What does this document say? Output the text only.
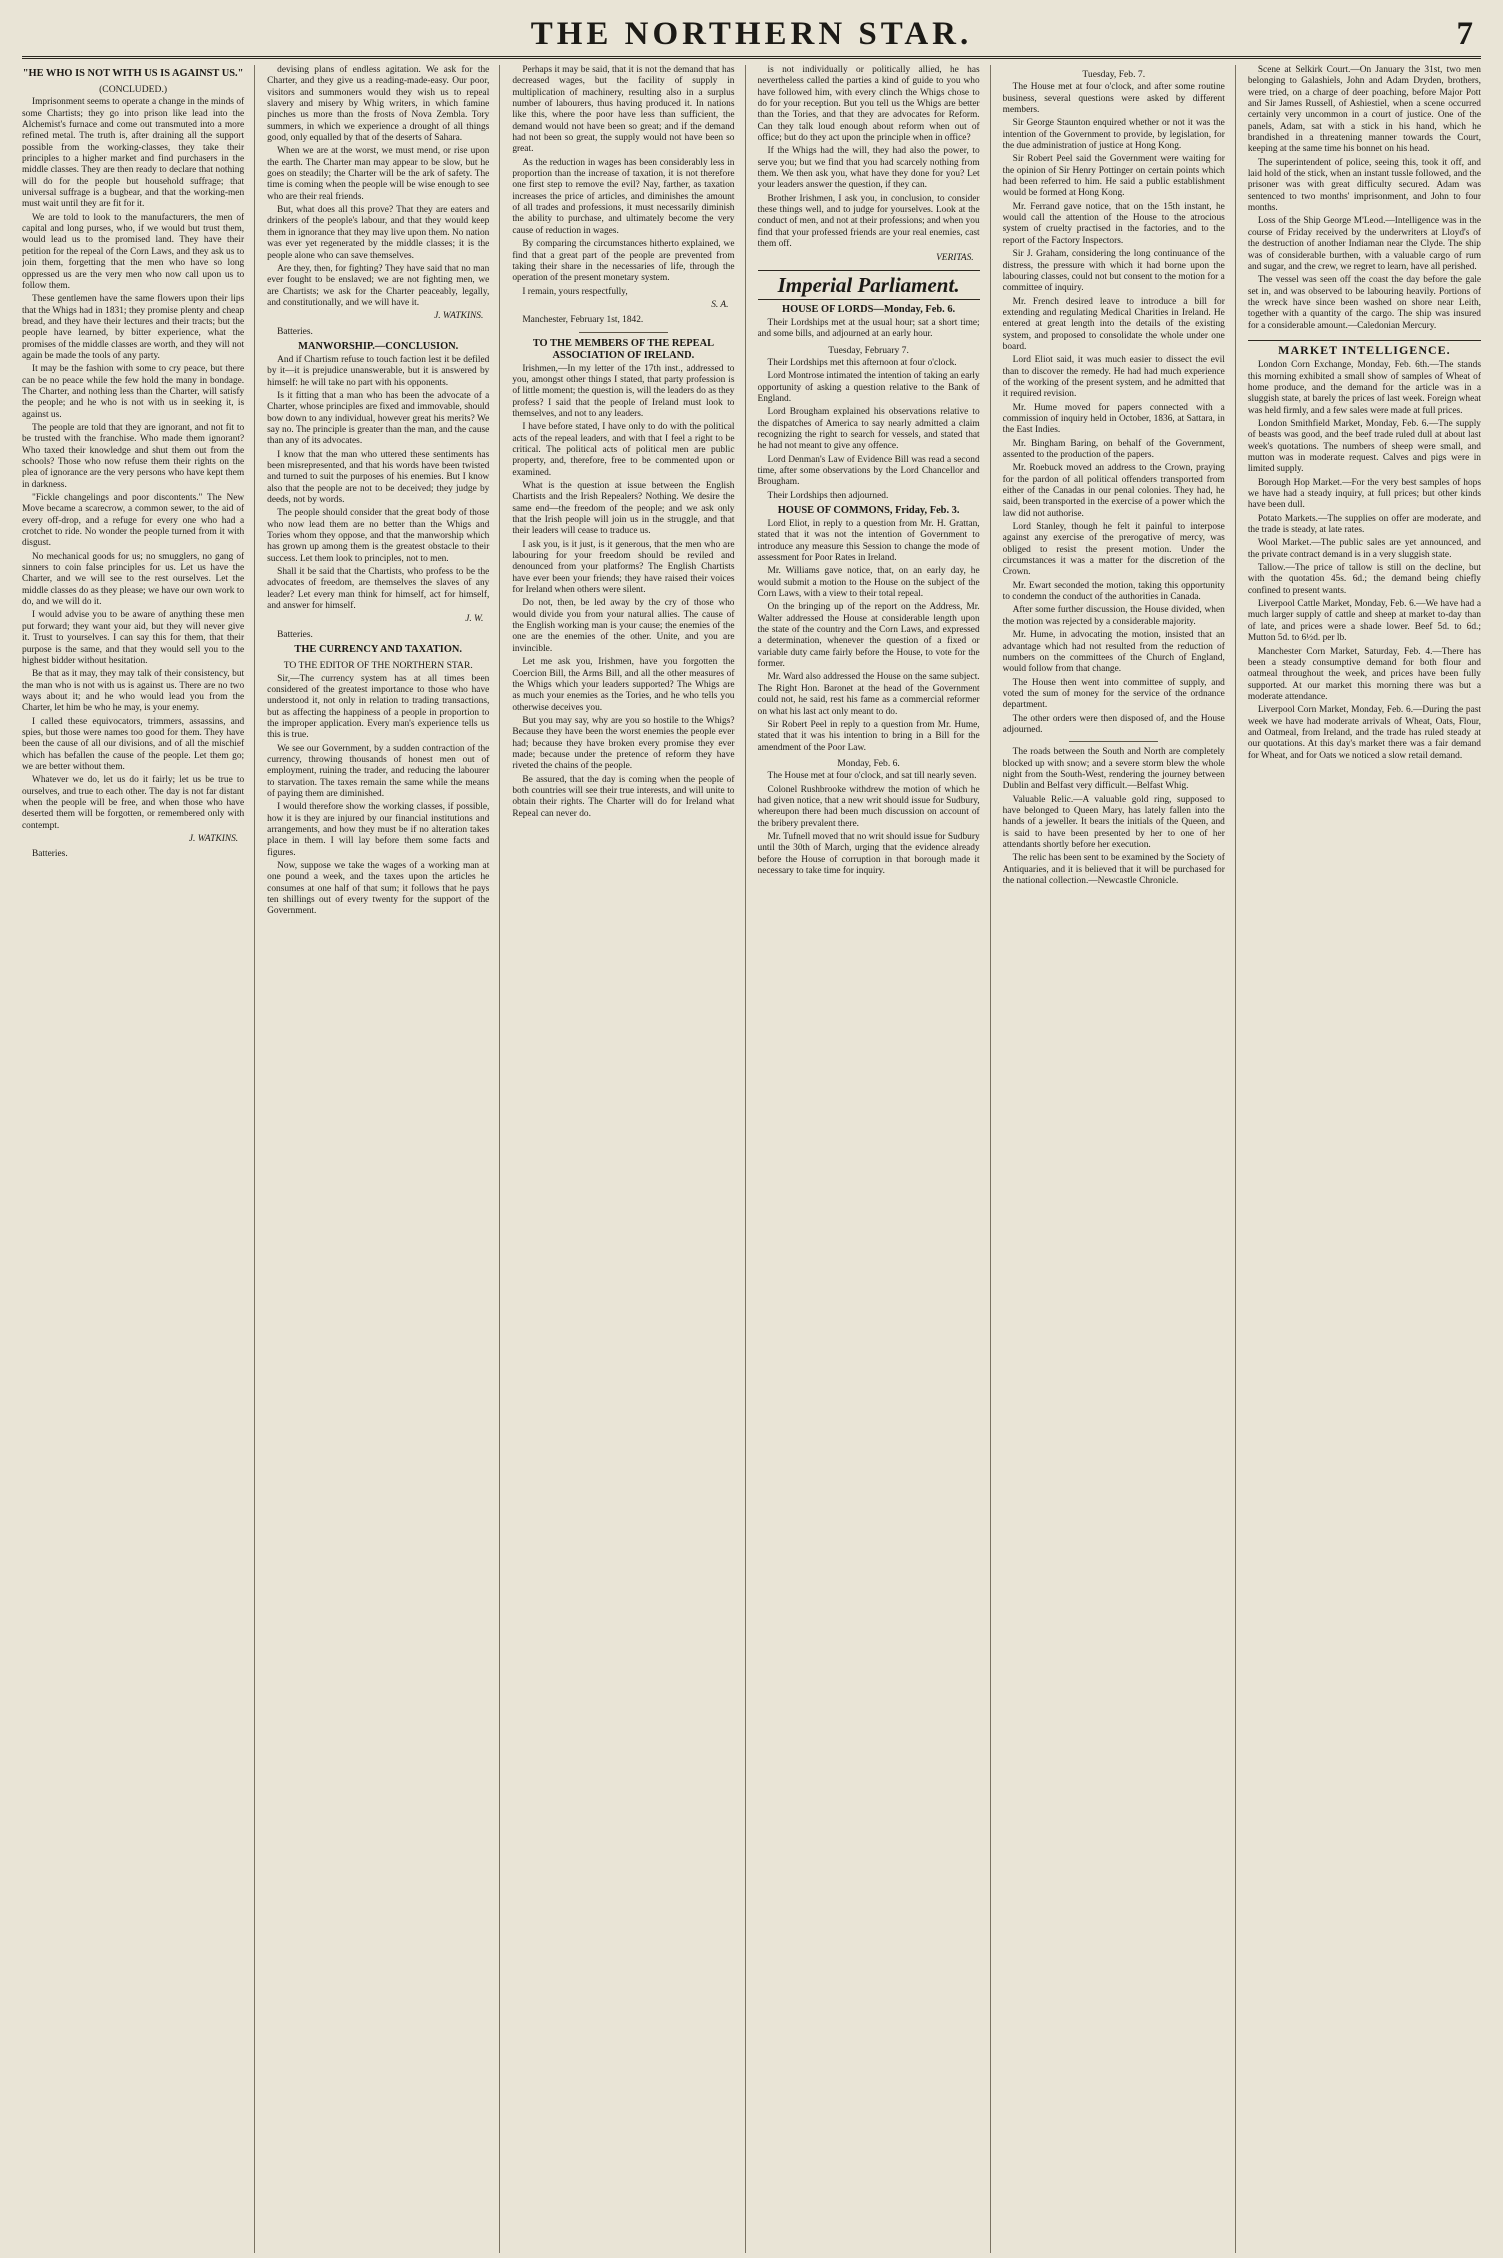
THE NORTHERN STAR.	7
"HE WHO IS NOT WITH US IS AGAINST US."
(CONCLUDED.)

Imprisonment seems to operate a change in the minds of some Chartists; they go into prison like lead into the Alchemist's furnace and come out transmuted into a more refined metal. The truth is, after draining all the support possible from the working-classes, they take their principles to a higher market and find purchasers in the middle classes. They are then ready to declare that nothing will do for the people but household suffrage; that universal suffrage is a bugbear, and that the working-men must wait until they are fit for it.

We are told to look to the manufacturers, the men of capital and long purses, who, if we would but trust them, would lead us to the promised land. They have their petition for the repeal of the Corn Laws, and they ask us to join them, forgetting that the men who have so long oppressed us are the very men who now call upon us to follow them.

These gentlemen have the same flowers upon their lips that the Whigs had in 1831; they promise plenty and cheap bread, and they have their lectures and their tracts; but the people have learned, by bitter experience, what the promises of the middle classes are worth, and they will not again be made the tools of any party.

It may be the fashion with some to cry peace, but there can be no peace while the few hold the many in bondage. The Charter, and nothing less than the Charter, will satisfy the people; and he who is not with us in seeking it, is against us.

The people are told that they are ignorant, and not fit to be trusted with the franchise. Who made them ignorant? Who taxed their knowledge and shut them out from the schools? Those who now refuse them their rights on the plea of ignorance are the very persons who have kept them in darkness.

"Fickle changelings and poor discontents." The New Move became a scarecrow, a common sewer, to the aid of every off-drop, and a refuge for every one who had a crotchet to ride. No wonder the people turned from it with disgust.

No mechanical goods for us; no smugglers, no gang of sinners to coin false principles for us. Let us have the Charter, and we will see to the rest ourselves. Let the middle classes do as they please; we have our own work to do, and we will do it.

I would advise you to be aware of anything these men put forward; they want your aid, but they will never give it. Trust to yourselves. I can say this for them, that their purpose is the same, and that they would sell you to the highest bidder without hesitation.

Be that as it may, they may talk of their consistency, but the man who is not with us is against us. There are no two ways about it; and he who would lead you from the Charter, let him be who he may, is your enemy.

I called these equivocators, trimmers, assassins, and spies, but those were names too good for them. They have been the cause of all our divisions, and of all the mischief which has befallen the cause of the people. Let them go; we are better without them.

Whatever we do, let us do it fairly; let us be true to ourselves, and true to each other. The day is not far distant when the people will be free, and when those who have deserted them will be forgotten, or remembered only with contempt.

J. WATKINS.

Batteries.

devising plans of endless agitation. We ask for the Charter, and they give us a reading-made-easy. Our poor, visitors and summoners would they wish us to repeal slavery and misery by Whig writers, in which famine pinches us more than the frosts of Nova Zembla. Tory summers, in which we experience a drought of all things good, only equalled by that of the deserts of Sahara.

When we are at the worst, we must mend, or rise upon the earth. The Charter man may appear to be slow, but he goes on steadily; the Charter will be the ark of safety. The time is coming when the people will be wise enough to see who are their real friends.

But, what does all this prove? That they are eaters and drinkers of the people's labour, and that they would keep them in ignorance that they may live upon them. No nation was ever yet regenerated by the middle classes; it is the people alone who can save themselves.

Are they, then, for fighting? They have said that no man ever fought to be enslaved; we are not fighting men, we are Chartists; we ask for the Charter peaceably, legally, and constitutionally, and we will have it.

J. WATKINS.

Batteries.

MANWORSHIP.—CONCLUSION.

And if Chartism refuse to touch faction lest it be defiled by it—it is prejudice unanswerable, but it is answered by himself: he will take no part with his opponents.

Is it fitting that a man who has been the advocate of a Charter, whose principles are fixed and immovable, should bow down to any individual, however great his merits? We say no. The principle is greater than the man, and the cause than any of its advocates.

I know that the man who uttered these sentiments has been misrepresented, and that his words have been twisted and turned to suit the purposes of his enemies. But I know also that the people are not to be deceived; they judge by deeds, not by words.

The people should consider that the great body of those who now lead them are no better than the Whigs and Tories whom they oppose, and that the manworship which has grown up among them is the greatest obstacle to their success. Let them look to principles, not to men.

Shall it be said that the Chartists, who profess to be the advocates of freedom, are themselves the slaves of any leader? Let every man think for himself, act for himself, and answer for himself.

J. W.

Batteries.

THE CURRENCY AND TAXATION.
TO THE EDITOR OF THE NORTHERN STAR.

Sir,—The currency system has at all times been considered of the greatest importance to those who have understood it, not only in relation to trading transactions, but as affecting the happiness of a people in proportion to the improper application. Every man's experience tells us this is true.

We see our Government, by a sudden contraction of the currency, throwing thousands of honest men out of employment, ruining the trader, and reducing the labourer to starvation. The taxes remain the same while the means of paying them are diminished.

I would therefore show the working classes, if possible, how it is they are injured by our financial institutions and arrangements, and how they must be if no alteration takes place in them. I will lay before them some facts and figures.

Now, suppose we take the wages of a working man at one pound a week, and the taxes upon the articles he consumes at one half of that sum; it follows that he pays ten shillings out of every twenty for the support of the Government.

Perhaps it may be said, that it is not the demand that has decreased wages, but the facility of supply in multiplication of machinery, resulting also in a surplus number of labourers, thus having produced it. In nations like this, where the poor have less than sufficient, the demand would not have been so great; and if the demand had not been so great, the supply would not have been so great.

As the reduction in wages has been considerably less in proportion than the increase of taxation, it is not therefore one first step to remove the evil? Nay, farther, as taxation increases the price of articles, and diminishes the amount of all trades and professions, it must necessarily diminish the ability to purchase, and ultimately become the very cause of reduction in wages.

By comparing the circumstances hitherto explained, we find that a great part of the people are prevented from taking their share in the necessaries of life, through the operation of the present monetary system.

I remain, yours respectfully,

S. A.

Manchester, February 1st, 1842.

TO THE MEMBERS OF THE REPEAL ASSOCIATION OF IRELAND.

Irishmen,—In my letter of the 17th inst., addressed to you, amongst other things I stated, that party profession is of little moment; the question is, will the leaders do as they profess? I said that the people of Ireland must look to themselves, and not to any leaders.

I have before stated, I have only to do with the political acts of the repeal leaders, and with that I feel a right to be critical. The political acts of political men are public property, and, therefore, free to be commented upon or examined.

What is the question at issue between the English Chartists and the Irish Repealers? Nothing. We desire the same end—the freedom of the people; and we ask only that the Irish people will join us in the struggle, and that their leaders will cease to traduce us.

I ask you, is it just, is it generous, that the men who are labouring for your freedom should be reviled and denounced from your platforms? The English Chartists have ever been your friends; they have raised their voices for Ireland when others were silent.

Do not, then, be led away by the cry of those who would divide you from your natural allies. The cause of the English working man is your cause; the enemies of the one are the enemies of the other. Unite, and you are invincible.

Let me ask you, Irishmen, have you forgotten the Coercion Bill, the Arms Bill, and all the other measures of the Whigs which your leaders supported? The Whigs are as much your enemies as the Tories, and he who tells you otherwise deceives you.

But you may say, why are you so hostile to the Whigs? Because they have been the worst enemies the people ever had; because they have broken every promise they ever made; because under the pretence of reform they have riveted the chains of the people.

Be assured, that the day is coming when the people of both countries will see their true interests, and will unite to obtain their rights. The Charter will do for Ireland what Repeal can never do.

is not individually or politically allied, he has nevertheless called the parties a kind of guide to you who have followed him, with every clinch the Whigs chose to do for your reception. But you tell us the Whigs are better than the Tories, and that they are advocates for Reform. Can they talk loud enough about reform when out of office; but do they act upon the principle when in office?

If the Whigs had the will, they had also the power, to serve you; but we find that you had scarcely nothing from them. We then ask you, what have they done for you? Let your leaders answer the question, if they can.

Brother Irishmen, I ask you, in conclusion, to consider these things well, and to judge for yourselves. Look at the conduct of men, and not at their professions; and when you find that your professed friends are your real enemies, cast them off.

VERITAS.
Imperial Parliament.
HOUSE OF LORDS—Monday, Feb. 6.

Their Lordships met at the usual hour; sat a short time; and some bills, and adjourned at an early hour.

Tuesday, February 7.

Their Lordships met this afternoon at four o'clock.

Lord Montrose intimated the intention of taking an early opportunity of asking a question relative to the Bank of England.

Lord Brougham explained his observations relative to the dispatches of America to say nearly admitted a claim recognizing the right to search for vessels, and stated that he had not meant to give any offence.

Lord Denman's Law of Evidence Bill was read a second time, after some observations by the Lord Chancellor and Brougham.

Their Lordships then adjourned.

HOUSE OF COMMONS, Friday, Feb. 3.

Lord Eliot, in reply to a question from Mr. H. Grattan, stated that it was not the intention of Government to introduce any measure this Session to change the mode of assessment for Poor Rates in Ireland.

Mr. Williams gave notice, that, on an early day, he would submit a motion to the House on the subject of the Corn Laws, with a view to their total repeal.

On the bringing up of the report on the Address, Mr. Walter addressed the House at considerable length upon the state of the country and the Corn Laws, and expressed a determination, whenever the question of a fixed or variable duty came fairly before the House, to vote for the former.

Mr. Ward also addressed the House on the same subject. The Right Hon. Baronet at the head of the Government could not, he said, rest his fame as a commercial reformer on what his last act only meant to do.

Sir Robert Peel in reply to a question from Mr. Hume, stated that it was his intention to bring in a Bill for the amendment of the Poor Law.

Monday, Feb. 6.

The House met at four o'clock, and sat till nearly seven.

Colonel Rushbrooke withdrew the motion of which he had given notice, that a new writ should issue for Sudbury, whereupon there had been much discussion on account of the bribery prevalent there.

Mr. Tufnell moved that no writ should issue for Sudbury until the 30th of March, urging that the evidence already before the House of corruption in that borough made it necessary to take time for inquiry.

Tuesday, Feb. 7.

The House met at four o'clock, and after some routine business, several questions were asked by different members.

Sir George Staunton enquired whether or not it was the intention of the Government to provide, by legislation, for the due administration of justice at Hong Kong.

Sir Robert Peel said the Government were waiting for the opinion of Sir Henry Pottinger on certain points which had been referred to him. He said a public establishment would be formed at Hong Kong.

Mr. Ferrand gave notice, that on the 15th instant, he would call the attention of the House to the atrocious system of cruelty practised in the factories, and to the report of the Factory Inspectors.

Sir J. Graham, considering the long continuance of the distress, the pressure with which it had borne upon the labouring classes, could not but consent to the motion for a committee of inquiry.

Mr. French desired leave to introduce a bill for extending and regulating Medical Charities in Ireland. He entered at great length into the details of the existing system, and proposed to consolidate the whole under one board.

Lord Eliot said, it was much easier to dissect the evil than to discover the remedy. He had had much experience of the working of the present system, and he admitted that it required revision.

Mr. Hume moved for papers connected with a commission of inquiry held in October, 1836, at Sattara, in the East Indies.

Mr. Bingham Baring, on behalf of the Government, assented to the production of the papers.

Mr. Roebuck moved an address to the Crown, praying for the pardon of all political offenders transported from either of the Canadas in our penal colonies. They had, he said, been transported in the exercise of a power which the law did not authorise.

Lord Stanley, though he felt it painful to interpose against any exercise of the prerogative of mercy, was obliged to resist the present motion. Under the circumstances it was a matter for the discretion of the Crown.

Mr. Ewart seconded the motion, taking this opportunity to condemn the conduct of the authorities in Canada.

After some further discussion, the House divided, when the motion was rejected by a considerable majority.

Mr. Hume, in advocating the motion, insisted that an advantage which had not resulted from the reduction of numbers on the committees of the Church of England, would follow from that change.

The House then went into committee of supply, and voted the sum of money for the service of the ordnance department.

The other orders were then disposed of, and the House adjourned.

The roads between the South and North are completely blocked up with snow; and a severe storm blew the whole night from the South-West, rendering the journey between Dublin and Belfast very difficult.—Belfast Whig.

Valuable Relic.—A valuable gold ring, supposed to have belonged to Queen Mary, has lately fallen into the hands of a jeweller. It bears the initials of the Queen, and is said to have been presented by her to one of her attendants shortly before her execution.

The relic has been sent to be examined by the Society of Antiquaries, and it is believed that it will be purchased for the national collection.—Newcastle Chronicle.

Scene at Selkirk Court.—On January the 31st, two men belonging to Galashiels, John and Adam Dryden, brothers, were tried, on a charge of deer poaching, before Major Pott and Sir James Russell, of Ashiestiel, when a scene occurred certainly very uncommon in a court of justice. One of the panels, Adam, sat with a stick in his hand, which he brandished in a threatening manner towards the Court, keeping at the same time his bonnet on his head.

The superintendent of police, seeing this, took it off, and laid hold of the stick, when an instant tussle followed, and the prisoner was with great difficulty secured. Adam was sentenced to two months' imprisonment, and John to four months.

Loss of the Ship George M'Leod.—Intelligence was in the course of Friday received by the underwriters at Lloyd's of the destruction of another Indiaman near the Clyde. The ship was of considerable burthen, with a valuable cargo of rum and sugar, and the crew, we regret to learn, have all perished.

The vessel was seen off the coast the day before the gale set in, and was observed to be labouring heavily. Portions of the wreck have since been washed on shore near Leith, together with a quantity of the cargo. The ship was insured for a considerable amount.—Caledonian Mercury.

MARKET INTELLIGENCE.

London Corn Exchange, Monday, Feb. 6th.—The stands this morning exhibited a small show of samples of Wheat of home produce, and the demand for the article was in a sluggish state, at barely the prices of last week. Foreign wheat was held firmly, and a few sales were made at full prices.

London Smithfield Market, Monday, Feb. 6.—The supply of beasts was good, and the beef trade ruled dull at about last week's quotations. The numbers of sheep were small, and mutton was in moderate request. Calves and pigs were in limited supply.

Borough Hop Market.—For the very best samples of hops we have had a steady inquiry, at full prices; but other kinds have been dull.

Potato Markets.—The supplies on offer are moderate, and the trade is steady, at late rates.

Wool Market.—The public sales are yet announced, and the private contract demand is in a very sluggish state.

Tallow.—The price of tallow is still on the decline, but with the quotation 45s. 6d.; the demand being chiefly confined to present wants.

Liverpool Cattle Market, Monday, Feb. 6.—We have had a much larger supply of cattle and sheep at market to-day than of late, and prices were a shade lower. Beef 5d. to 6d.; Mutton 5d. to 6½d. per lb.

Manchester Corn Market, Saturday, Feb. 4.—There has been a steady consumptive demand for both flour and oatmeal throughout the week, and prices have been fully supported. At our market this morning there was but a moderate attendance.

Liverpool Corn Market, Monday, Feb. 6.—During the past week we have had moderate arrivals of Wheat, Oats, Flour, and Oatmeal, from Ireland, and the trade has ruled steady at our quotations. At this day's market there was a fair demand for Wheat, and for Oats we noticed a slow retail demand.
